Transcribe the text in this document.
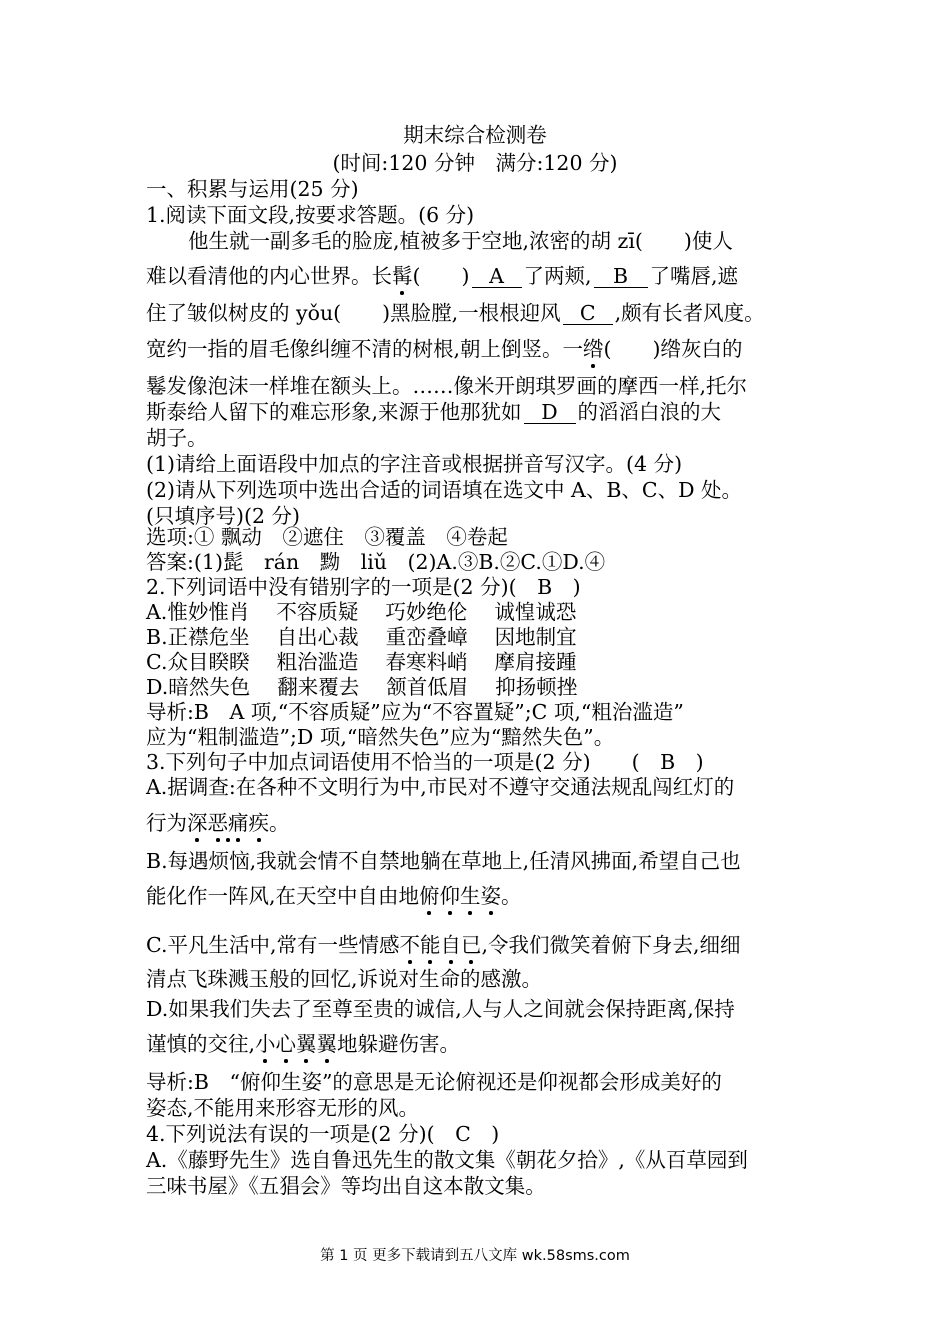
期末综合检测卷
(时间:120 分钟　满分:120 分)
一、积累与运用(25 分)
1.阅读下面文段,按要求答题。(6 分)
他生就一副多毛的脸庞,植被多于空地,浓密的胡 zī(　　)使人
难以看清他的内心世界。长髯(　　) A 了两颊, B 了嘴唇,遮
住了皱似树皮的 yǒu(　　)黑脸膛,一根根迎风 C ,颇有长者风度。
宽约一指的眉毛像纠缠不清的树根,朝上倒竖。一绺(　　)绺灰白的
鬈发像泡沫一样堆在额头上。……像米开朗琪罗画的摩西一样,托尔
斯泰给人留下的难忘形象,来源于他那犹如 D 的滔滔白浪的大
胡子。
(1)请给上面语段中加点的字注音或根据拼音写汉字。(4 分)
(2)请从下列选项中选出合适的词语填在选文中 A、B、C、D 处。
(只填序号)(2 分)
选项:① 飘动　②遮住　③覆盖　④卷起
答案:(1)髭　rán　黝　liǔ　(2)A.③B.②C.①D.④
2.下列词语中没有错别字的一项是(2 分)(　B　)
A.惟妙惟肖　 不容质疑　 巧妙绝伦　 诚惶诚恐
B.正襟危坐　 自出心裁　 重峦叠嶂　 因地制宜
C.众目睽睽　 粗治滥造　 春寒料峭　 摩肩接踵
D.暗然失色　 翻来覆去　 颔首低眉　 抑扬顿挫
导析:B　A 项,“不容质疑”应为“不容置疑”;C 项,“粗治滥造”
应为“粗制滥造”;D 项,“暗然失色”应为“黯然失色”。
3.下列句子中加点词语使用不恰当的一项是(2 分)　　(　B　)
A.据调查:在各种不文明行为中,市民对不遵守交通法规乱闯红灯的
行为深恶痛疾。
B.每遇烦恼,我就会情不自禁地躺在草地上,任清风拂面,希望自己也
能化作一阵风,在天空中自由地俯仰生姿。
C.平凡生活中,常有一些情感不能自已,令我们微笑着俯下身去,细细
清点飞珠溅玉般的回忆,诉说对生命的感激。
D.如果我们失去了至尊至贵的诚信,人与人之间就会保持距离,保持
谨慎的交往,小心翼翼地躲避伤害。
导析:B　“俯仰生姿”的意思是无论俯视还是仰视都会形成美好的
姿态,不能用来形容无形的风。
4.下列说法有误的一项是(2 分)(　C　)
A.《藤野先生》选自鲁迅先生的散文集《朝花夕拾》,《从百草园到
三味书屋》《五猖会》等均出自这本散文集。
第 1 页 更多下载请到五八文库 wk.58sms.com
